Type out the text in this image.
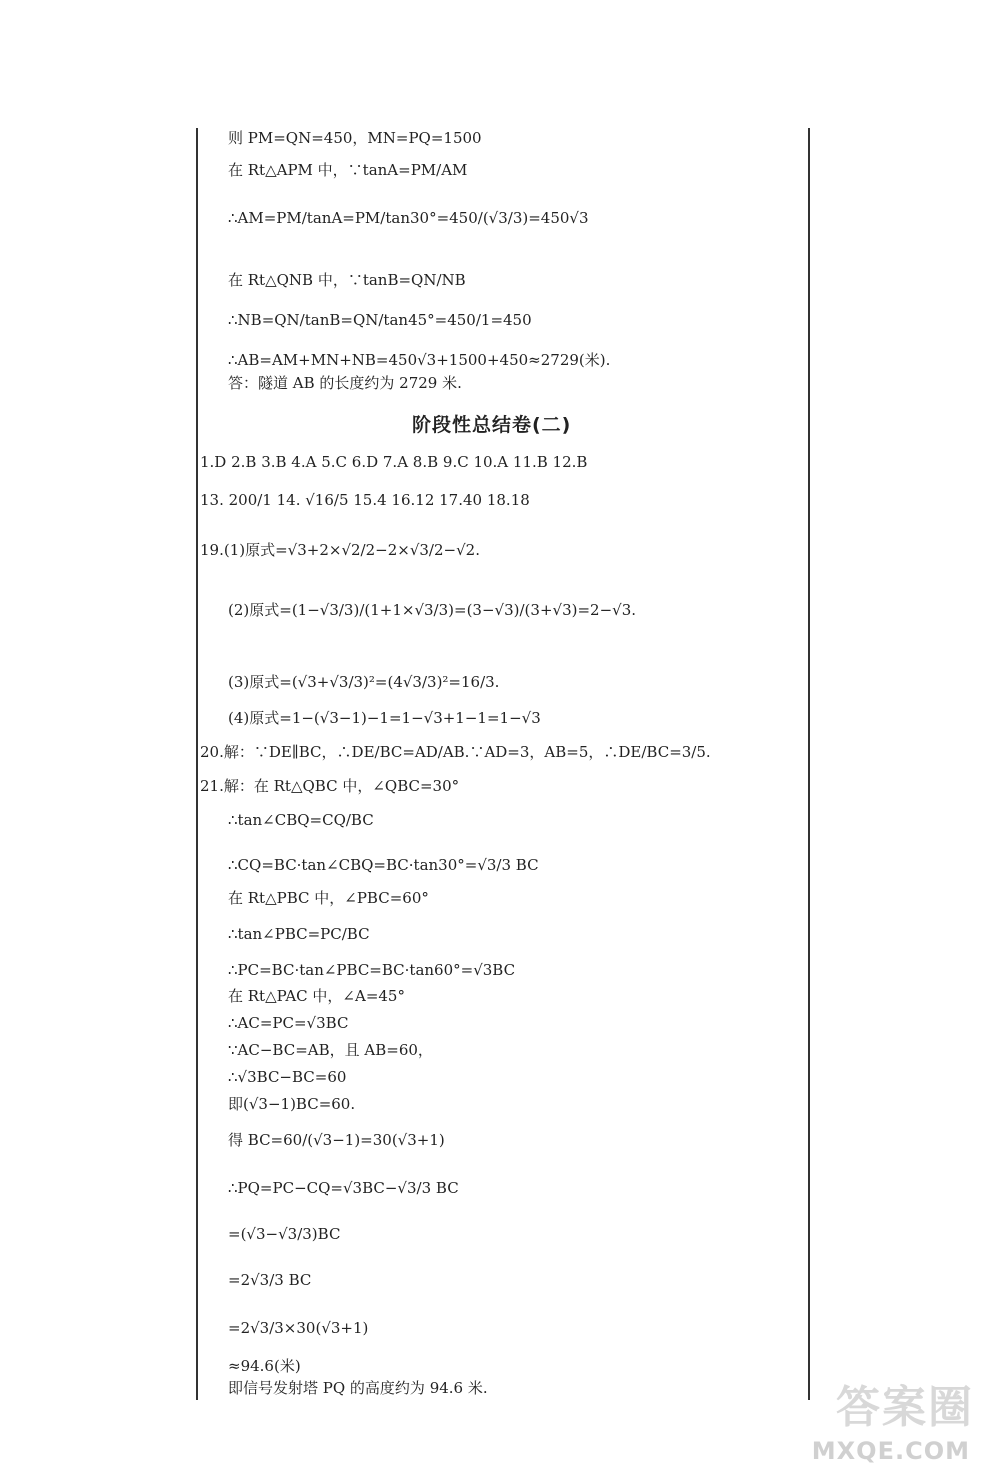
则 PM=QN=450，MN=PQ=1500
在 Rt△APM 中，∵tanA=PM/AM
∴AM=PM/tanA=PM/tan30°=450/(√3/3)=450√3
在 Rt△QNB 中，∵tanB=QN/NB
∴NB=QN/tanB=QN/tan45°=450/1=450
∴AB=AM+MN+NB=450√3+1500+450≈2729(米).
答：隧道 AB 的长度约为 2729 米.
阶段性总结卷(二)
1.D 2.B 3.B 4.A 5.C 6.D 7.A 8.B 9.C 10.A 11.B 12.B
13. 200/1 14. √16/5 15.4 16.12 17.40 18.18
19.(1)原式=√3+2×√2/2−2×√3/2−√2.
(2)原式=(1−√3/3)/(1+1×√3/3)=(3−√3)/(3+√3)=2−√3.
(3)原式=(√3+√3/3)²=(4√3/3)²=16/3.
(4)原式=1−(√3−1)−1=1−√3+1−1=1−√3
20.解：∵DE∥BC，∴DE/BC=AD/AB.∵AD=3，AB=5，∴DE/BC=3/5.
21.解：在 Rt△QBC 中，∠QBC=30°
∴tan∠CBQ=CQ/BC
∴CQ=BC·tan∠CBQ=BC·tan30°=√3/3 BC
在 Rt△PBC 中，∠PBC=60°
∴tan∠PBC=PC/BC
∴PC=BC·tan∠PBC=BC·tan60°=√3BC
在 Rt△PAC 中，∠A=45°
∴AC=PC=√3BC
∵AC−BC=AB，且 AB=60，
∴√3BC−BC=60
即(√3−1)BC=60.
得 BC=60/(√3−1)=30(√3+1)
∴PQ=PC−CQ=√3BC−√3/3 BC
=(√3−√3/3)BC
=2√3/3 BC
=2√3/3×30(√3+1)
≈94.6(米)
即信号发射塔 PQ 的高度约为 94.6 米.	答案圈
MXQE.COM
